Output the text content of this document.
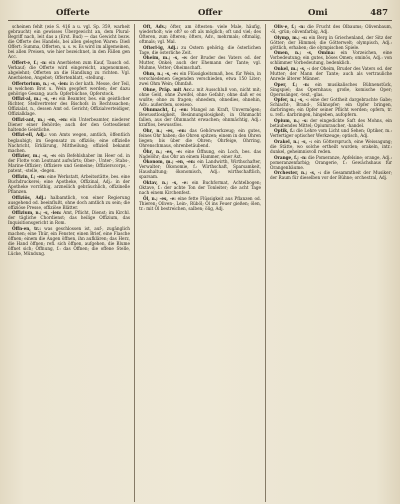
Offerte	Offer	Omi	487

scheinen fehlt (wie S. 416 a u. vgl. Sp. 359, warheit gebraucht) ein gewisses Übergewicht an, dem Plural-Begriff nach, leit das a (Erst. Bud) — das Gewicht bezw. die Offerte des Handels, bei allen gelegten Waren: Dieß Offert: Summa, Offerten, u. s. w. Es wird im allgemeinen, bei allen Preisen, wie hier bezeichnet, in den Fällen gen Acc.

Offert·e, f.; -n: ein Anerbieten zum Kauf, Tausch od. Verkauf; die Offerte wird eingereicht, angenommen, abgelehnt; Offerten an die Handlung zu richten. Vgl. Anerbieten, Angebot; Offertenblatt, -stellung.

Offertorium, n.; -s, -ien: in der kath. Messe, der Teil, in welchem Brot u. Wein geopfert werden; der dazu gehörige Gesang; auch: Opferbüchse, Opferstock.

Offizi·al, m.; -s, -e: ein Beamter, bes. ein geistlicher Richter, Stellvertreter des Bischofs in Rechtssachen; Offizialat, n., dessen Amt od. Gericht; Offizialverteidiger, Offizialklage.

Offizi·ant, m.; -en, -en: ein Unterbeamter, niederer Diener einer Behörde; auch der den Gottesdienst haltende Geistliche.

Offizi·ell, Adj.: von Amts wegen, amtlich, öffentlich beglaubigt; im Gegensatz zu offiziös; eine offizielle Nachricht, Erklärung, Mittheilung; offiziell bekannt machen.

Offizier, m.; -s, -e: ein Befehlshaber im Heer od. in der Flotte vom Leutnant aufwärts; Ober-, Unter-, Stabs-, Marine-Offizier; Offiziere und Gemeine; Offizierscorps, -patent, -stelle, -degen.

Offizin, f.; -en: eine Werkstatt, Arbeitsstätte, bes. eine Buchdruckerei; eine Apotheke, Offizinal, Adj.: in der Apotheke vorräthig, arzneilich gebräuchlich, offizinelle Pflanzen.

Offiziös, Adj.: halbamtlich, von einer Regierung ausgehend od. beeinflußt, ohne doch amtlich zu sein; die offiziöse Presse, offiziöse Blätter.

Offizium, n.; -s, -ien: Amt, Pflicht, Dienst; im Kirchl. der tägliche Chordienst; das heilige Offizium, das Inquisitionsgericht in Rom.

Öffn·en, tr.: was geschlossen ist, auf-, zugänglich machen; eine Thür, ein Fenster, einen Brief, eine Flasche öffnen; einem die Augen öffnen, ihn aufklären; das Herz, die Hand öffnen; refl. sich öffnen, aufgehen, die Blume öffnet sich; Öffnung, f.: das Öffnen; die offene Stelle, Lücke, Mündung.

Oft, Adv.; öfter, am öftesten: viele Male, häufig, wiederholt; wie oft? so oft als möglich; oft und viel; des Öfteren, zum öfteren; öfters, Adv., mehrmals; oftmalig, oftmals; vgl. Mal.

Ofterl·ig, Adj.: zu Ostern gehörig; die österlichen Tage, die österliche Zeit.

Oheim, m.; -s, -e: der Bruder des Vaters od. der Mutter, Onkel; auch der Ehemann der Tante; vgl. Muhme, Vetter; Oheimschaft.

Ohm, n.; -s, -e: ein Flüssigkeitsmaß, bes. für Wein, in verschiedenen Gegenden verschieden, etwa 150 Liter; zwei Ohm Wein; Ohmfaß.

Ohne, Präp. mit Acc.: mit Ausschluß von, nicht mit; ohne Geld, ohne Zweifel, ohne Gefahr; ohne daß er es wußte; ohne zu fragen; ohnedem, ohnedies, ohnehin, Adv.: außerdem, sowieso.

Ohnmacht, f.; -en: Mangel an Kraft, Unvermögen; Bewusstlosigkeit, Besinnungslosigkeit; in Ohnmacht fallen, aus der Ohnmacht erwachen; ohnmächtig, Adj.: kraftlos, bewusstlos.

Ohr, n.; -es, -en: das Gehörwerkzeug; ein gutes, feines Ohr haben; die Ohren spitzen; einem in den Ohren liegen; bis über die Ohren; Ohrfeige, Ohrring, Ohrenschmaus, ohrenbetäubend.

Öhr, n.; -es, -e: eine Öffnung, ein Loch, bes. das Nadelöhr; das Öhr an einem Hammer, einer Axt.

Ökonom, m.; -en, -en: ein Landwirth, Wirthschafter, Verwalter; Ökonomie, f.: Wirthschaft, Sparsamkeit, Haushaltung; ökonomisch, Adj.: wirthschaftlich, sparsam.

Oktav, n.; -s, -e: ein Buchformat, Achtelbogen; Oktave, f.: der achte Ton der Tonleiter; die acht Tage nach einem Kirchenfest.

Öl, n.; -es, -e: eine fette Flüssigkeit aus Pflanzen od. Thieren; Oliven-, Lein-, Rüböl; Öl ins Feuer gießen; ölen, tr.: mit Öl bestreichen, salben; ölig, Adj.

Oliv·e, f.; -n: die Frucht des Ölbaums; Olivenbaum, -öl, -grün; olivenfarbig, Adj.

Olymp, m.; -s: ein Berg in Griechenland, der Sitz der Götter; der Himmel; die Götterwelt; olympisch, Adj.: göttlich, erhaben; die olympischen Spiele.

Omen, n.; -s, Omina: ein Vorzeichen, eine Vorbedeutung; ein gutes, böses Omen; ominös, Adj.: von schlimmer Vorbedeutung, bedenklich.

Onkel, m.; -s, -: der Oheim, Bruder des Vaters od. der Mutter; der Mann der Tante; auch als vertrauliche Anrede älterer Männer.

Oper, f.; -n: ein musikalisches Bühnenstück, Singspiel; das Opernhaus; große, komische Oper; Opernsänger, -text, -glas.

Opfer, n.; -s, -: eine der Gottheit dargebrachte Gabe; Schlacht-, Brand-, Sühnopfer; ein Opfer bringen, darbringen; ein Opfer seiner Pflicht werden; opfern, tr. u. refl.: darbringen, hingeben, aufopfern.

Opium, n.; -s: der eingedickte Saft des Mohns, ein betäubendes Mittel; Opiumraucher, -handel.

Optik, f.: die Lehre vom Licht und Sehen; Optiker, m.: Verfertiger optischer Werkzeuge; optisch, Adj.

Orakel, n.; -s, -: ein Götterspruch, eine Weissagung; die Stätte, wo solche ertheilt wurden; orakeln, intr.: dunkel, geheimnisvoll reden.

Orange, f.; -n: die Pomeranze, Apfelsine; orange, Adj.: pomeranzenfarbig; Orangerie, f.: Gewächshaus für Orangenbäume.

Orchester, n.; -s, -: die Gesammtheit der Musiker; der Raum für dieselben vor der Bühne; orchestral, Adj.
